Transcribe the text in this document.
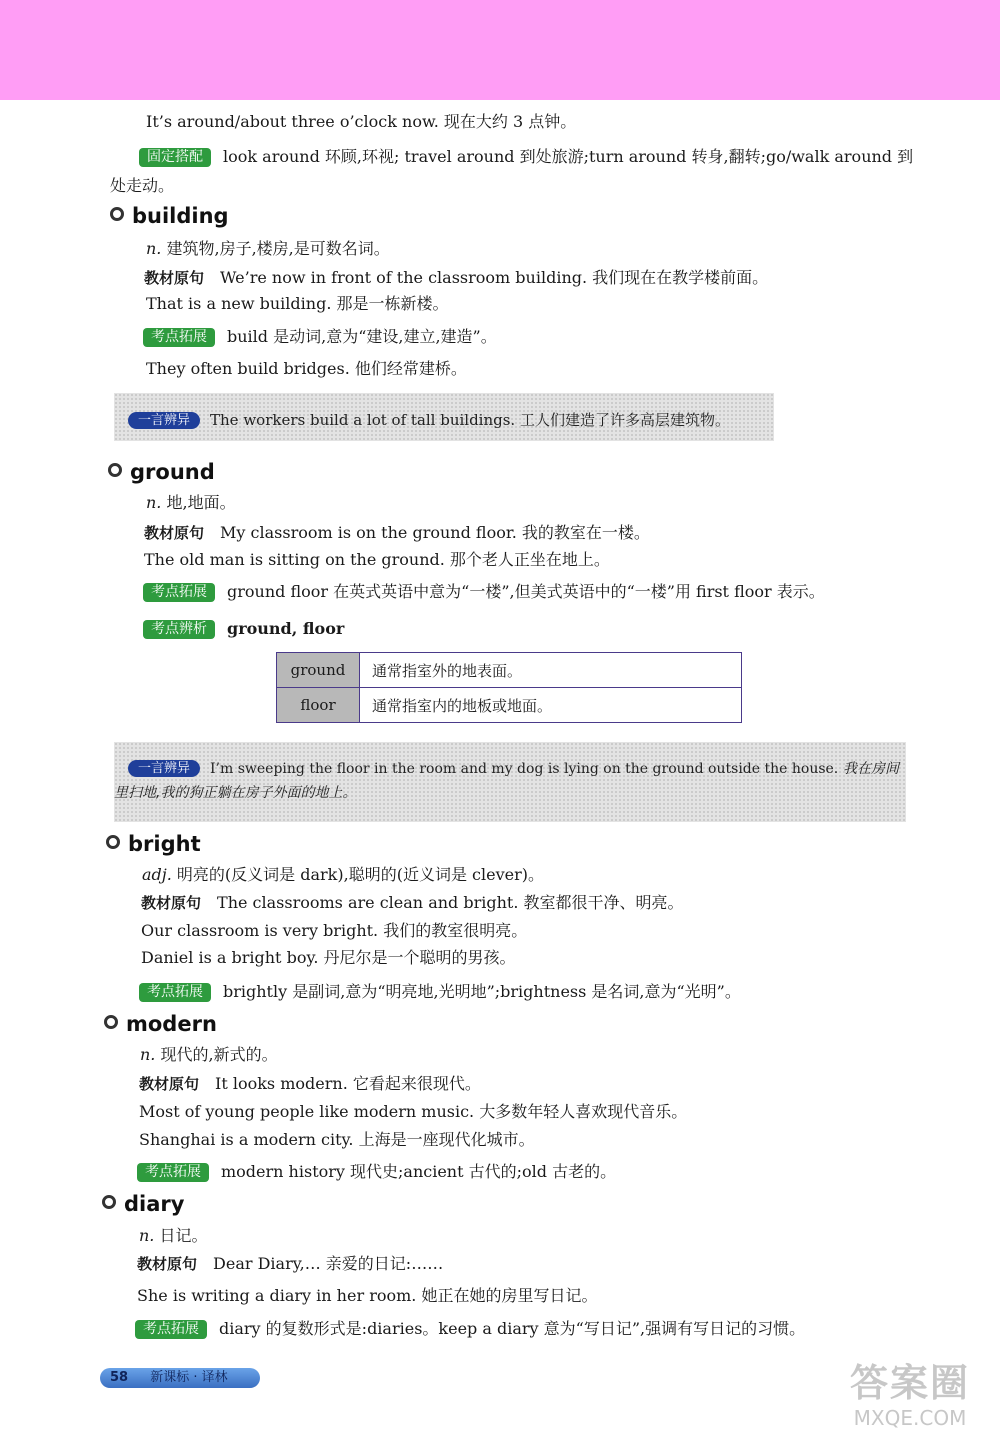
It’s around/about three o’clock now. 现在大约 3 点钟。
固定搭配 look around 环顾,环视; travel around 到处旅游;turn around 转身,翻转;go/walk around 到
处走动。
building
n. 建筑物,房子,楼房,是可数名词。
教材原句 We’re now in front of the classroom building. 我们现在在教学楼前面。
That is a new building. 那是一栋新楼。
考点拓展 build 是动词,意为“建设,建立,建造”。
They often build bridges. 他们经常建桥。
一言辨异 The workers build a lot of tall buildings. 工人们建造了许多高层建筑物。
ground
n. 地,地面。
教材原句 My classroom is on the ground floor. 我的教室在一楼。
The old man is sitting on the ground. 那个老人正坐在地上。
考点拓展 ground floor 在英式英语中意为“一楼”,但美式英语中的“一楼”用 first floor 表示。
考点辨析 ground, floor
ground	通常指室外的地表面。
floor	通常指室内的地板或地面。
一言辨异 I’m sweeping the floor in the room and my dog is lying on the ground outside the house. 我在房间
里扫地,我的狗正躺在房子外面的地上。
bright
adj. 明亮的(反义词是 dark),聪明的(近义词是 clever)。
教材原句 The classrooms are clean and bright. 教室都很干净、明亮。
Our classroom is very bright. 我们的教室很明亮。
Daniel is a bright boy. 丹尼尔是一个聪明的男孩。
考点拓展 brightly 是副词,意为“明亮地,光明地”;brightness 是名词,意为“光明”。
modern
n. 现代的,新式的。
教材原句 It looks modern. 它看起来很现代。
Most of young people like modern music. 大多数年轻人喜欢现代音乐。
Shanghai is a modern city. 上海是一座现代化城市。
考点拓展 modern history 现代史;ancient 古代的;old 古老的。
diary
n. 日记。
教材原句 Dear Diary,… 亲爱的日记:……
She is writing a diary in her room. 她正在她的房里写日记。
考点拓展 diary 的复数形式是:diaries。keep a diary 意为“写日记”,强调有写日记的习惯。
58 新课标 · 译林	答案圈
MXQE.COM
